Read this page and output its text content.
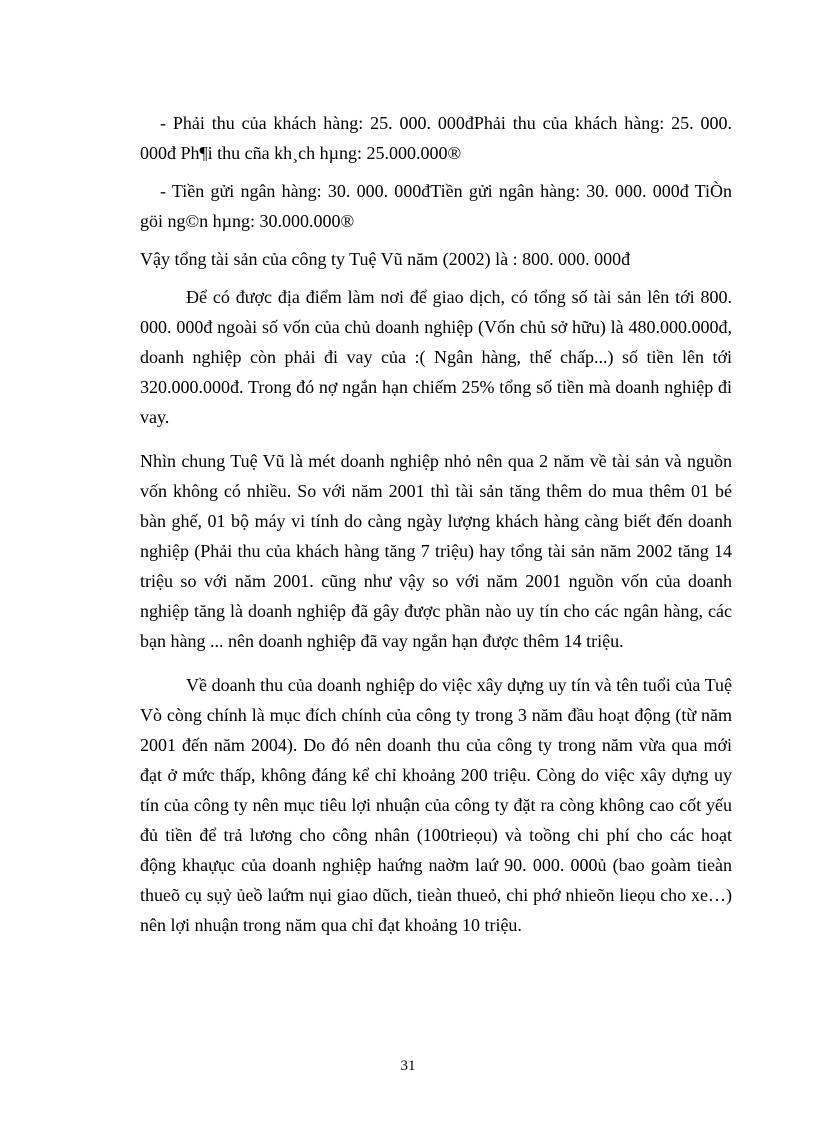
- Phải thu của khách hàng: 25. 000. 000đPhải thu của khách hàng: 25. 000. 000đ Ph¶i thu cña kh¸ch hµng: 25.000.000®

- Tiền gửi ngân hàng: 30. 000. 000đTiền gửi ngân hàng: 30. 000. 000đ TiÒn göi ng©n hµng: 30.000.000®

Vậy tổng tài sản của công ty Tuệ Vũ năm (2002) là : 800. 000. 000đ

Để có được địa điểm làm nơi để giao dịch, có tổng số tài sản lên tới 800. 000. 000đ ngoài số vốn của chủ doanh nghiệp (Vốn chủ sở hữu) là 480.000.000đ, doanh nghiệp còn phải đi vay của :( Ngân hàng, thế chấp...) số tiền lên tới 320.000.000đ. Trong đó nợ ngắn hạn chiếm 25% tổng số tiền mà doanh nghiệp đi vay.

Nhìn chung Tuệ Vũ là mét doanh nghiệp nhỏ nên qua 2 năm về tài sản và nguồn vốn không có nhiều. So với năm 2001 thì tài sản tăng thêm do mua thêm 01 bé bàn ghế, 01 bộ máy vi tính do càng ngày lượng khách hàng càng biết đến doanh nghiệp (Phải thu của khách hàng tăng 7 triệu) hay tổng tài sản năm 2002 tăng 14 triệu so với năm 2001. cũng như vậy so với năm 2001 nguồn vốn của doanh nghiệp tăng là doanh nghiệp đã gây được phần nào uy tín cho các ngân hàng, các bạn hàng ... nên doanh nghiệp đã vay ngắn hạn được thêm 14 triệu.

Về doanh thu của doanh nghiệp do việc xây dựng uy tín và tên tuổi của Tuệ Vò còng chính là mục đích chính của công ty trong 3 năm đầu hoạt động (từ năm 2001 đến năm 2004). Do đó nên doanh thu của công ty trong năm vừa qua mới đạt ở mức thấp, không đáng kể chỉ khoảng 200 triệu. Còng do việc xây dựng uy tín của công ty nên mục tiêu lợi nhuận của công ty đặt ra còng không cao cốt yếu đủ tiền để trả lương cho công nhân (100trieọu) và toồng chi phí cho các hoạt động khaựục của doanh nghiệp haứng naờm laứ 90. 000. 000ủ (bao goàm tieàn thueõ cụ sụỷ ủeồ laứm nụi giao dũch, tieàn thueỏ, chi phớ nhieõn lieọu cho xe…) nên lợi nhuận trong năm qua chỉ đạt khoảng 10 triệu.

31
